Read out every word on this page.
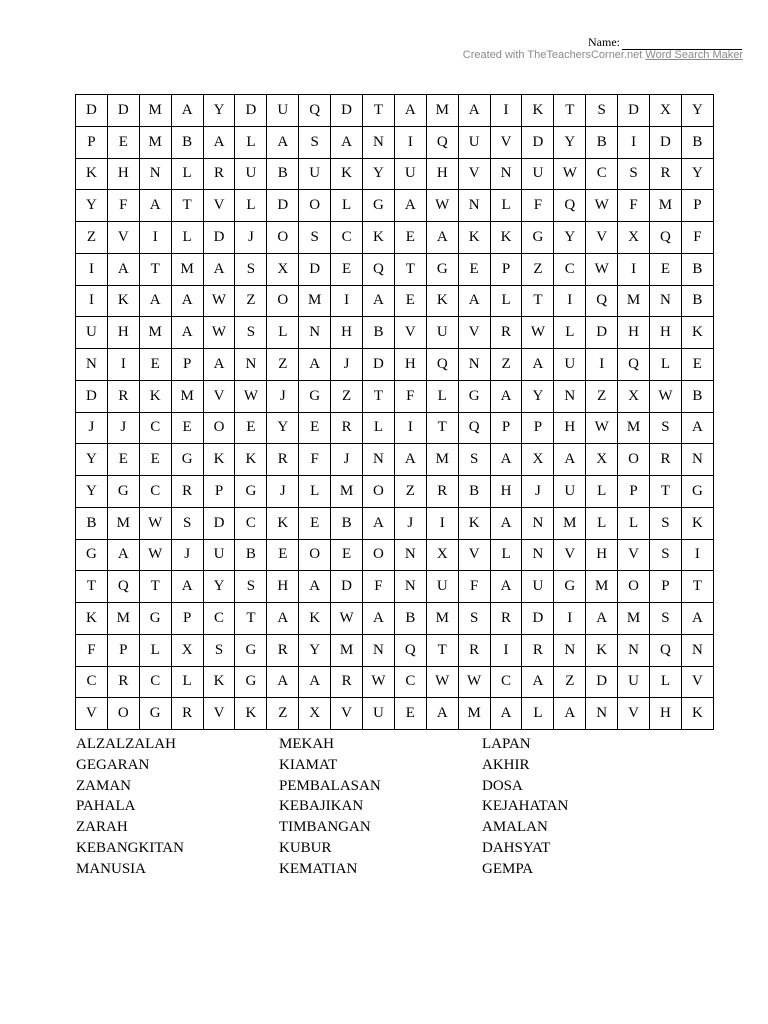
Name:
Created with TheTeachersCorner.net Word Search Maker
D	D	M	A	Y	D	U	Q	D	T	A	M	A	I	K	T	S	D	X	Y
P	E	M	B	A	L	A	S	A	N	I	Q	U	V	D	Y	B	I	D	B
K	H	N	L	R	U	B	U	K	Y	U	H	V	N	U	W	C	S	R	Y
Y	F	A	T	V	L	D	O	L	G	A	W	N	L	F	Q	W	F	M	P
Z	V	I	L	D	J	O	S	C	K	E	A	K	K	G	Y	V	X	Q	F
I	A	T	M	A	S	X	D	E	Q	T	G	E	P	Z	C	W	I	E	B
I	K	A	A	W	Z	O	M	I	A	E	K	A	L	T	I	Q	M	N	B
U	H	M	A	W	S	L	N	H	B	V	U	V	R	W	L	D	H	H	K
N	I	E	P	A	N	Z	A	J	D	H	Q	N	Z	A	U	I	Q	L	E
D	R	K	M	V	W	J	G	Z	T	F	L	G	A	Y	N	Z	X	W	B
J	J	C	E	O	E	Y	E	R	L	I	T	Q	P	P	H	W	M	S	A
Y	E	E	G	K	K	R	F	J	N	A	M	S	A	X	A	X	O	R	N
Y	G	C	R	P	G	J	L	M	O	Z	R	B	H	J	U	L	P	T	G
B	M	W	S	D	C	K	E	B	A	J	I	K	A	N	M	L	L	S	K
G	A	W	J	U	B	E	O	E	O	N	X	V	L	N	V	H	V	S	I
T	Q	T	A	Y	S	H	A	D	F	N	U	F	A	U	G	M	O	P	T
K	M	G	P	C	T	A	K	W	A	B	M	S	R	D	I	A	M	S	A
F	P	L	X	S	G	R	Y	M	N	Q	T	R	I	R	N	K	N	Q	N
C	R	C	L	K	G	A	A	R	W	C	W	W	C	A	Z	D	U	L	V
V	O	G	R	V	K	Z	X	V	U	E	A	M	A	L	A	N	V	H	K
ALZALZALAH
GEGARAN
ZAMAN
PAHALA
ZARAH
KEBANGKITAN
MANUSIA
MEKAH
KIAMAT
PEMBALASAN
KEBAJIKAN
TIMBANGAN
KUBUR
KEMATIAN
LAPAN
AKHIR
DOSA
KEJAHATAN
AMALAN
DAHSYAT
GEMPA
